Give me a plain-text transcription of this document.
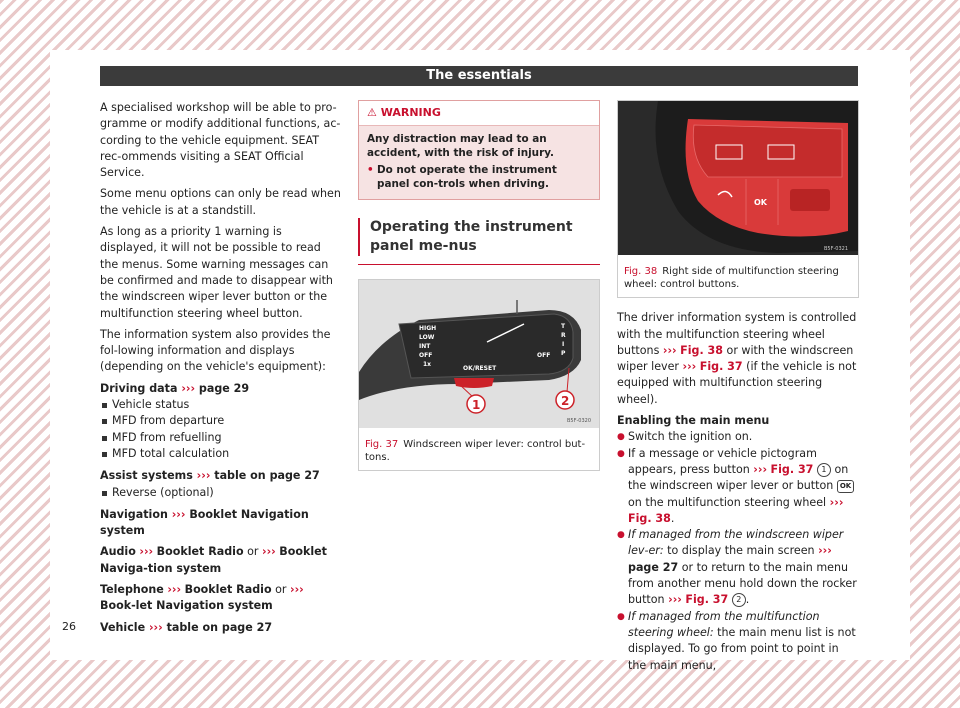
The essentials

A specialised workshop will be able to pro-gramme or modify additional functions, ac-cording to the vehicle equipment. SEAT rec-ommends visiting a SEAT Official Service.

Some menu options can only be read when the vehicle is at a standstill.

As long as a priority 1 warning is displayed, it will not be possible to read the menus. Some warning messages can be confirmed and made to disappear with the windscreen wiper lever button or the multifunction steering wheel button.

The information system also provides the fol-lowing information and displays (depending on the vehicle's equipment):

Driving data ››› page 29
Vehicle status
MFD from departure
MFD from refuelling
MFD total calculation
Assist systems ››› table on page 27
Reverse (optional)

Navigation ››› Booklet Navigation system

Audio ››› Booklet Radio or ››› Booklet Naviga-tion system

Telephone ››› Booklet Radio or ››› Book-let Navigation system

Vehicle ››› table on page 27

⚠ WARNING
Any distraction may lead to an accident, with the risk of injury.
• Do not operate the instrument panel con-trols when driving.
Operating the instrument panel me-nus
HIGH
LOW
INT
OFF
1x
OK/RESET
OFF
T
R
I
P
1	2
B5F-0320
Fig. 37 Windscreen wiper lever: control but-tons.
OK
B5F-0321
Fig. 38 Right side of multifunction steering wheel: control buttons.

The driver information system is controlled with the multifunction steering wheel buttons ››› Fig. 38 or with the windscreen wiper lever ››› Fig. 37 (if the vehicle is not equipped with multifunction steering wheel).

Enabling the main menu
● Switch the ignition on.
● If a message or vehicle pictogram appears, press button ››› Fig. 37 1 on the windscreen wiper lever or button OK on the multifunction steering wheel ››› Fig. 38.
● If managed from the windscreen wiper lev-er: to display the main screen ››› page 27 or to return to the main menu from another menu hold down the rocker button ››› Fig. 37 2 .
● If managed from the multifunction steering wheel: the main menu list is not displayed. To go from point to point in the main menu,
26
